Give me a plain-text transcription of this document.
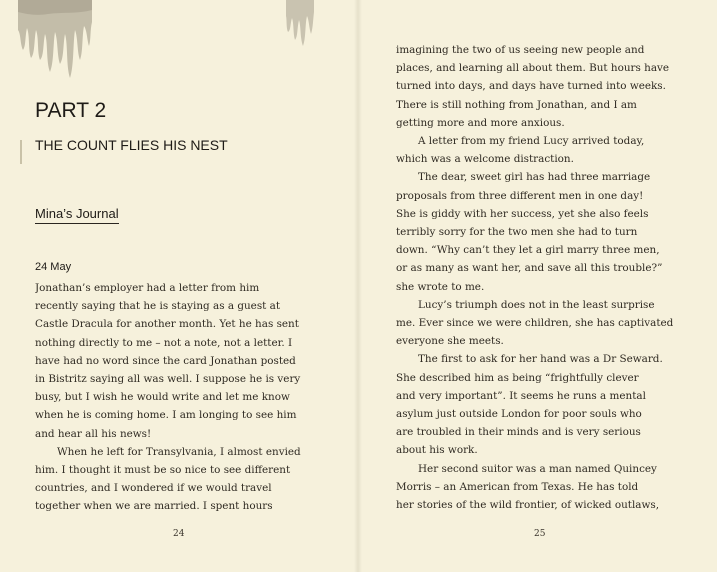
PART 2
THE COUNT FLIES HIS NEST
Mina’s Journal
24 May
Jonathan’s employer had a letter from him
recently saying that he is staying as a guest at
Castle Dracula for another month. Yet he has sent
nothing directly to me – not a note, not a letter. I
have had no word since the card Jonathan posted
in Bistritz saying all was well. I suppose he is very
busy, but I wish he would write and let me know
when he is coming home. I am longing to see him
and hear all his news!
When he left for Transylvania, I almost envied
him. I thought it must be so nice to see different
countries, and I wondered if we would travel
together when we are married. I spent hours
24
imagining the two of us seeing new people and
places, and learning all about them. But hours have
turned into days, and days have turned into weeks.
There is still nothing from Jonathan, and I am
getting more and more anxious.
A letter from my friend Lucy arrived today,
which was a welcome distraction.
The dear, sweet girl has had three marriage
proposals from three different men in one day!
She is giddy with her success, yet she also feels
terribly sorry for the two men she had to turn
down. “Why can’t they let a girl marry three men,
or as many as want her, and save all this trouble?”
she wrote to me.
Lucy’s triumph does not in the least surprise
me. Ever since we were children, she has captivated
everyone she meets.
The first to ask for her hand was a Dr Seward.
She described him as being “frightfully clever
and very important”. It seems he runs a mental
asylum just outside London for poor souls who
are troubled in their minds and is very serious
about his work.
Her second suitor was a man named Quincey
Morris – an American from Texas. He has told
her stories of the wild frontier, of wicked outlaws,
25
